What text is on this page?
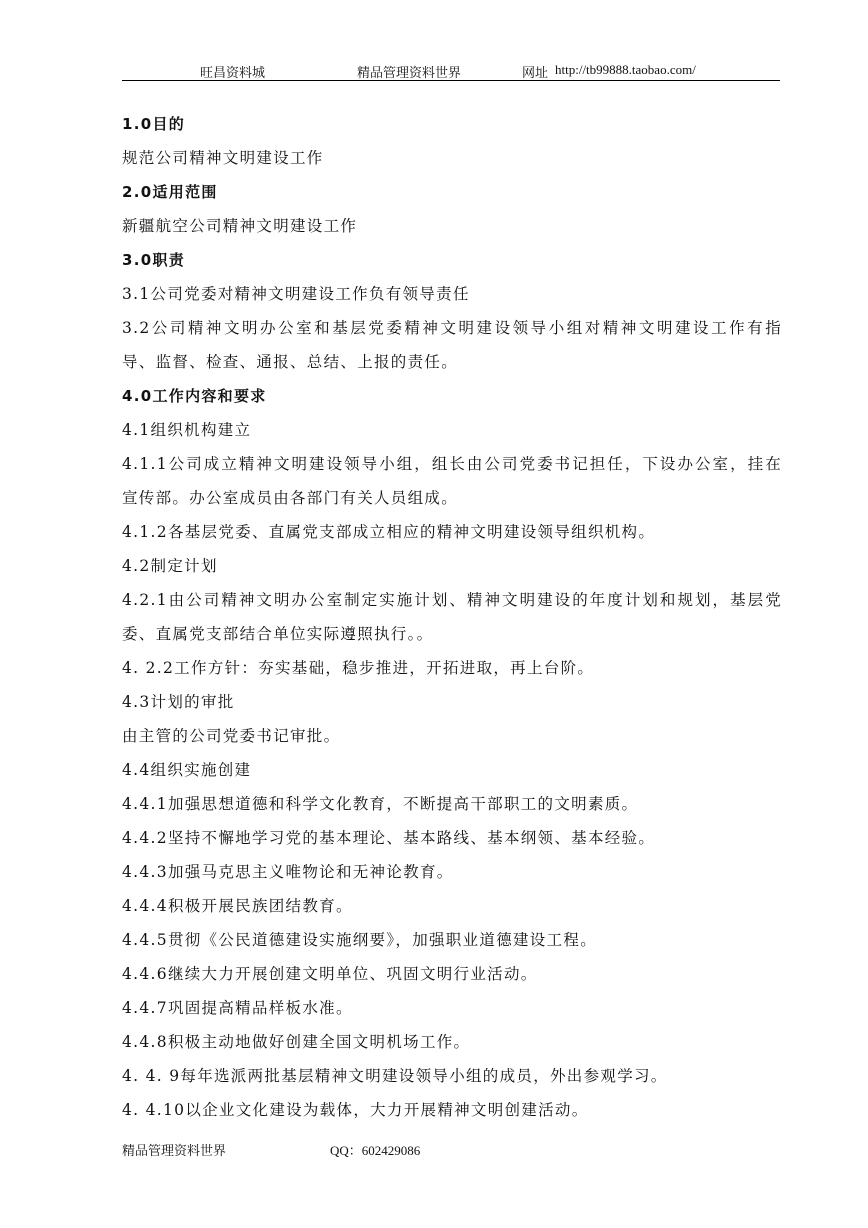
旺昌资料城	精品管理资料世界	网址 http://tb99888.taobao.com/
1.0目的
规范公司精神文明建设工作
2.0适用范围
新疆航空公司精神文明建设工作
3.0职责
3.1公司党委对精神文明建设工作负有领导责任
3.2公司精神文明办公室和基层党委精神文明建设领导小组对精神文明建设工作有指
导、监督、检查、通报、总结、上报的责任。
4.0工作内容和要求
4.1组织机构建立
4.1.1公司成立精神文明建设领导小组，组长由公司党委书记担任，下设办公室，挂在
宣传部。办公室成员由各部门有关人员组成。
4.1.2各基层党委、直属党支部成立相应的精神文明建设领导组织机构。
4.2制定计划
4.2.1由公司精神文明办公室制定实施计划、精神文明建设的年度计划和规划，基层党
委、直属党支部结合单位实际遵照执行。。
4. 2.2工作方针：夯实基础，稳步推进，开拓进取，再上台阶。
4.3计划的审批
由主管的公司党委书记审批。
4.4组织实施创建
4.4.1加强思想道德和科学文化教育，不断提高干部职工的文明素质。
4.4.2坚持不懈地学习党的基本理论、基本路线、基本纲领、基本经验。
4.4.3加强马克思主义唯物论和无神论教育。
4.4.4积极开展民族团结教育。
4.4.5贯彻《公民道德建设实施纲要》，加强职业道德建设工程。
4.4.6继续大力开展创建文明单位、巩固文明行业活动。
4.4.7巩固提高精品样板水准。
4.4.8积极主动地做好创建全国文明机场工作。
4. 4. 9每年选派两批基层精神文明建设领导小组的成员，外出参观学习。
4. 4.10以企业文化建设为载体，大力开展精神文明创建活动。
精品管理资料世界	QQ：602429086
